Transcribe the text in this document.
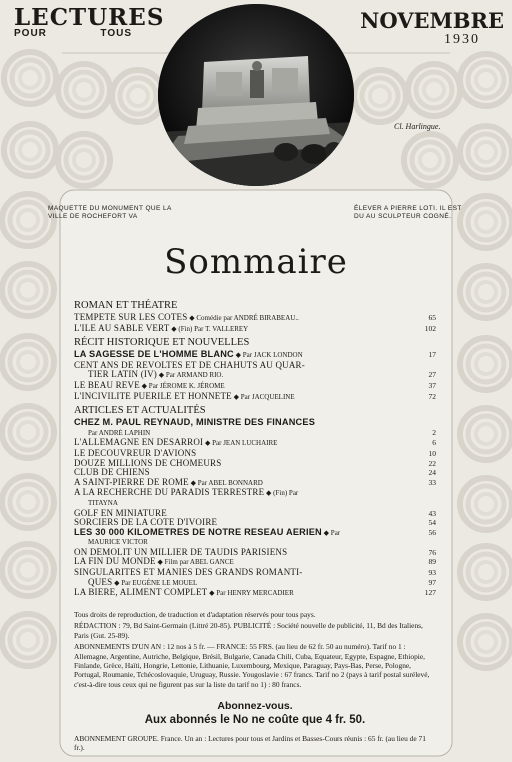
LECTURES
POUR	TOUS
NOVEMBRE
1930
Cl. Harlingue.
MAQUETTE DU MONUMENT QUE LA VILLE DE ROCHEFORT VA
ÉLEVER A PIERRE LOTI. IL EST DU AU SCULPTEUR COGNÉ.
Sommaire
ROMAN ET THÉATRE
TEMPÊTE SUR LES COTES ◆ Comédie par ANDRÉ BIRABEAU..	65
L'ILE AU SABLE VERT ◆ (Fin) Par T. VALLEREY	102
RÉCIT HISTORIQUE ET NOUVELLES
LA SAGESSE DE L'HOMME BLANC ◆ Par JACK LONDON	17
CENT ANS DE RÉVOLTES ET DE CHAHUTS AU QUAR-
TIER LATIN (IV) ◆ Par ARMAND RIO.	27
LE BEAU RÊVE ◆ Par JÉROME K. JÉROME	37
L'INCIVILITÉ PUÉRILE ET HONNÊTE ◆ Par JACQUELINE	72
ARTICLES ET ACTUALITÉS
CHEZ M. PAUL REYNAUD, MINISTRE DES FINANCES
Par ANDRÉ LAPHIN	2
L'ALLEMAGNE EN DÉSARROI ◆ Par JEAN LUCHAIRE	6
LE DÉCOUVREUR D'AVIONS	10
DOUZE MILLIONS DE CHOMEURS	22
CLUB DE CHIENS	24
A SAINT-PIERRE DE ROME ◆ Par ABEL BONNARD	33
A LA RECHERCHE DU PARADIS TERRESTRE ◆ (Fin) Par
TITAYNA
GOLF EN MINIATURE	43
SORCIERS DE LA COTE D'IVOIRE	54
LES 30 000 KILOMÈTRES DE NOTRE RÉSEAU AÉRIEN ◆ Par	56
MAURICE VICTOR
ON DÉMOLIT UN MILLIER DE TAUDIS PARISIENS	76
LA FIN DU MONDE ◆ Film par ABEL GANCE	89
SINGULARITÉS ET MANIES DES GRANDS ROMANTI-	93
QUES ◆ Par EUGÈNE LE MOUEL	97
LA BIÈRE, ALIMENT COMPLET ◆ Par HENRY MERCADIER	127

Tous droits de reproduction, de traduction et d'adaptation réservés pour tous pays.

RÉDACTION : 79, Bd Saint-Germain (Littré 20-85). PUBLICITÉ : Société nouvelle de publicité, 11, Bd des Italiens, Paris (Gut. 25-89).

ABONNEMENTS D'UN AN : 12 nos à 5 fr. — FRANCE: 55 FRS. (au lieu de 62 fr. 50 au numéro). Tarif no 1 : Allemagne, Argentine, Autriche, Belgique, Brésil, Bulgarie, Canada Chili, Cuba, Equateur, Egypte, Espagne, Ethiopie, Finlande, Grèce, Haïti, Hongrie, Lettonie, Lithuanie, Luxembourg, Mexique, Paraguay, Pays-Bas, Perse, Pologne, Portugal, Roumanie, Tchécoslovaquie, Uruguay, Russie. Yougoslavie : 67 francs. Tarif no 2 (pays à tarif postal surélevé, c'est-à-dire tous ceux qui ne figurent pas sur la liste du tarif no 1) : 80 francs.

Abonnez-vous.
Aux abonnés le No ne coûte que 4 fr. 50.
ABONNEMENT GROUPE. France. Un an : Lectures pour tous et Jardins et Basses-Cours réunis : 65 fr. (au lieu de 71 fr.).
